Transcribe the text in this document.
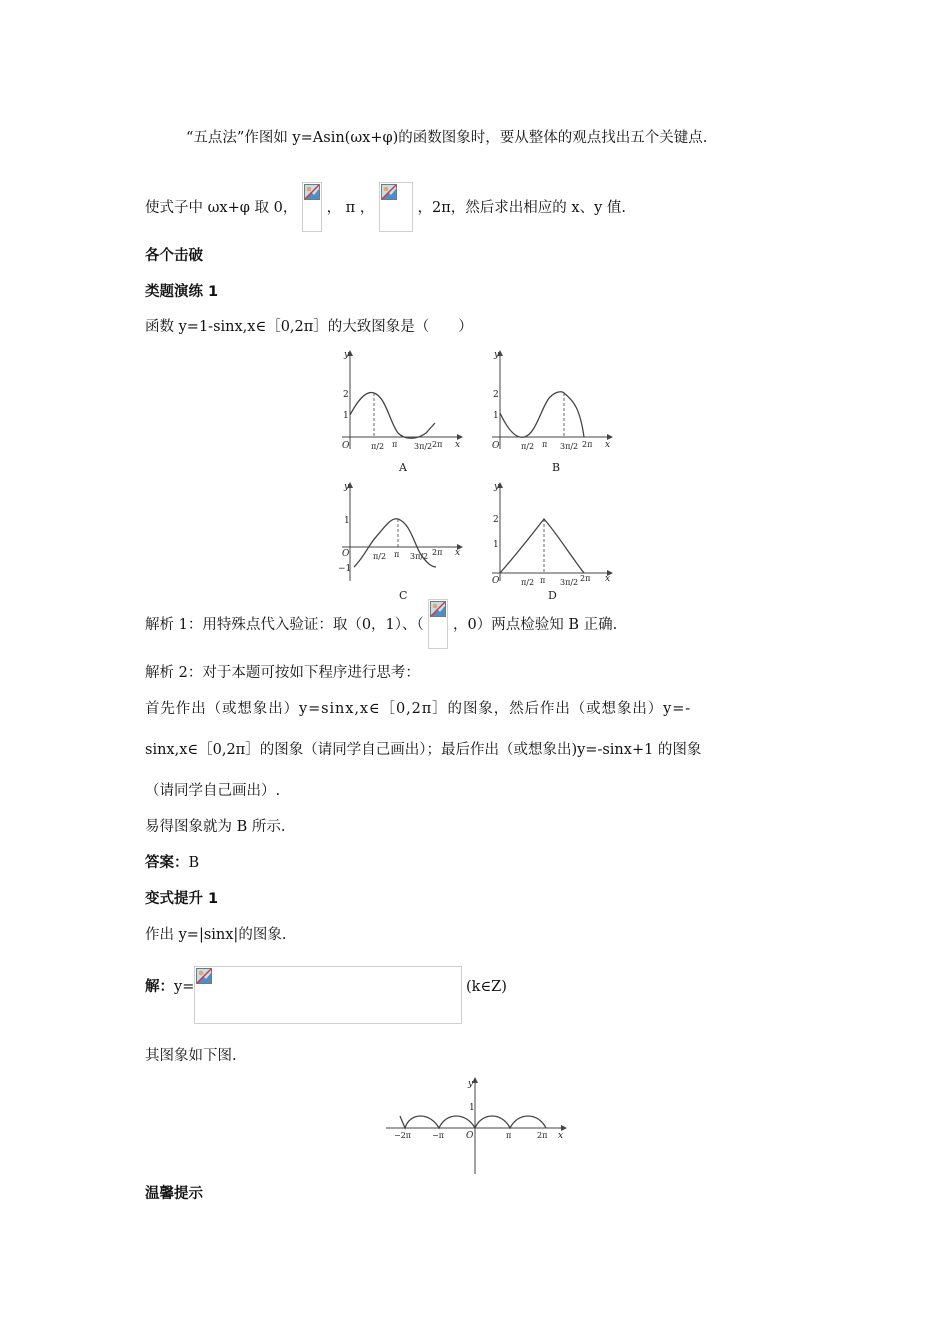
“五点法”作图如 y=Asin(ωx+φ)的函数图象时，要从整体的观点找出五个关键点.
使式子中 ωx+φ 取 0， ， π ，	，2π，然后求出相应的 x、y 值.
各个击破
类题演练 1
函数 y=1-sinx,x∈［0,2π］的大致图象是（　　）
y
x
O
2
1
π/2 π 3π/2 2π
A
y
x
O
2
1
π/2 π 3π/2 2π
B
y
x
O
1
−1
π/2 π 3π/2 2π
C
y
x
O
2
1
π/2 π 3π/2 2π
D
解析 1：用特殊点代入验证：取（0，1）、（ ，0）两点检验知 B 正确.
解析 2：对于本题可按如下程序进行思考：
首先作出（或想象出）y=sinx,x∈［0,2π］的图象，然后作出（或想象出）y=-
sinx,x∈［0,2π］的图象（请同学自己画出）；最后作出（或想象出)y=-sinx+1 的图象
（请同学自己画出）.
易得图象就为 B 所示.
答案：B
变式提升 1
作出 y=|sinx|的图象.
解：y=	(k∈Z)
其图象如下图.
y
x
O
1
−2π	−π	π	2π
温馨提示
